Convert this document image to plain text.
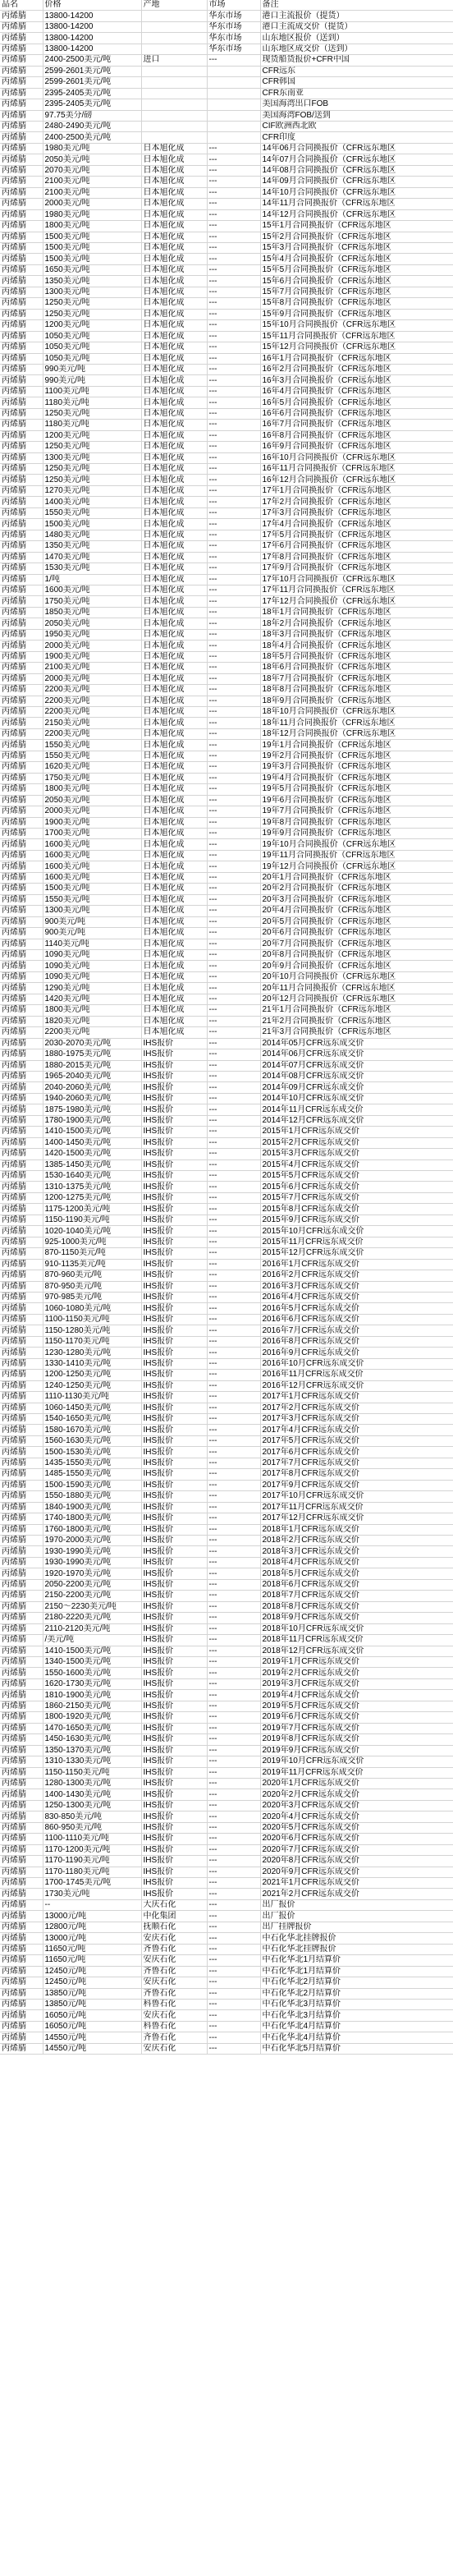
品名	价格	产地	市场	备注
丙烯腈	13800-14200		华东市场	港口主流报价（提货）
丙烯腈	13800-14200		华东市场	港口主流成交价（提货）
丙烯腈	13800-14200		华东市场	山东地区报价（送到）
丙烯腈	13800-14200		华东市场	山东地区成交价（送到）
丙烯腈	2400-2500美元/吨	进口	---	现货船货报价+CFR中国
丙烯腈	2599-2601美元/吨			CFR远东
丙烯腈	2599-2601美元/吨			CFR韩国
丙烯腈	2395-2405美元/吨			CFR东南亚
丙烯腈	2395-2405美元/吨			美国海湾出口FOB
丙烯腈	97.75美分/磅			美国海湾FOB/送到
丙烯腈	2480-2490美元/吨			CIF欧洲西北欧
丙烯腈	2400-2500美元/吨			CFR印度
丙烯腈	1980美元/吨	日本旭化成	---	14年06月合同换报价（CFR远东地区
丙烯腈	2050美元/吨	日本旭化成	---	14年07月合同换报价（CFR远东地区
丙烯腈	2070美元/吨	日本旭化成	---	14年08月合同换报价（CFR远东地区
丙烯腈	2100美元/吨	日本旭化成	---	14年09月合同换报价（CFR远东地区
丙烯腈	2100美元/吨	日本旭化成	---	14年10月合同换报价（CFR远东地区
丙烯腈	2000美元/吨	日本旭化成	---	14年11月合同换报价（CFR远东地区
丙烯腈	1980美元/吨	日本旭化成	---	14年12月合同换报价（CFR远东地区
丙烯腈	1800美元/吨	日本旭化成	---	15年1月合同换报价（CFR远东地区
丙烯腈	1500美元/吨	日本旭化成	---	15年2月合同换报价（CFR远东地区
丙烯腈	1500美元/吨	日本旭化成	---	15年3月合同换报价（CFR远东地区
丙烯腈	1500美元/吨	日本旭化成	---	15年4月合同换报价（CFR远东地区
丙烯腈	1650美元/吨	日本旭化成	---	15年5月合同换报价（CFR远东地区
丙烯腈	1350美元/吨	日本旭化成	---	15年6月合同换报价（CFR远东地区
丙烯腈	1300美元/吨	日本旭化成	---	15年7月合同换报价（CFR远东地区
丙烯腈	1250美元/吨	日本旭化成	---	15年8月合同换报价（CFR远东地区
丙烯腈	1250美元/吨	日本旭化成	---	15年9月合同换报价（CFR远东地区
丙烯腈	1200美元/吨	日本旭化成	---	15年10月合同换报价（CFR远东地区
丙烯腈	1050美元/吨	日本旭化成	---	15年11月合同换报价（CFR远东地区
丙烯腈	1050美元/吨	日本旭化成	---	15年12月合同换报价（CFR远东地区
丙烯腈	1050美元/吨	日本旭化成	---	16年1月合同换报价（CFR远东地区
丙烯腈	990美元/吨	日本旭化成	---	16年2月合同换报价（CFR远东地区
丙烯腈	990美元/吨	日本旭化成	---	16年3月合同换报价（CFR远东地区
丙烯腈	1100美元/吨	日本旭化成	---	16年4月合同换报价（CFR远东地区
丙烯腈	1180美元/吨	日本旭化成	---	16年5月合同换报价（CFR远东地区
丙烯腈	1250美元/吨	日本旭化成	---	16年6月合同换报价（CFR远东地区
丙烯腈	1180美元/吨	日本旭化成	---	16年7月合同换报价（CFR远东地区
丙烯腈	1200美元/吨	日本旭化成	---	16年8月合同换报价（CFR远东地区
丙烯腈	1250美元/吨	日本旭化成	---	16年9月合同换报价（CFR远东地区
丙烯腈	1300美元/吨	日本旭化成	---	16年10月合同换报价（CFR远东地区
丙烯腈	1250美元/吨	日本旭化成	---	16年11月合同换报价（CFR远东地区
丙烯腈	1250美元/吨	日本旭化成	---	16年12月合同换报价（CFR远东地区
丙烯腈	1270美元/吨	日本旭化成	---	17年1月合同换报价（CFR远东地区
丙烯腈	1400美元/吨	日本旭化成	---	17年2月合同换报价（CFR远东地区
丙烯腈	1550美元/吨	日本旭化成	---	17年3月合同换报价（CFR远东地区
丙烯腈	1500美元/吨	日本旭化成	---	17年4月合同换报价（CFR远东地区
丙烯腈	1480美元/吨	日本旭化成	---	17年5月合同换报价（CFR远东地区
丙烯腈	1350美元/吨	日本旭化成	---	17年6月合同换报价（CFR远东地区
丙烯腈	1470美元/吨	日本旭化成	---	17年8月合同换报价（CFR远东地区
丙烯腈	1530美元/吨	日本旭化成	---	17年9月合同换报价（CFR远东地区
丙烯腈	1/吨	日本旭化成	---	17年10月合同换报价（CFR远东地区
丙烯腈	1600美元/吨	日本旭化成	---	17年11月合同换报价（CFR远东地区
丙烯腈	1750美元/吨	日本旭化成	---	17年12月合同换报价（CFR远东地区
丙烯腈	1850美元/吨	日本旭化成	---	18年1月合同换报价（CFR远东地区
丙烯腈	2050美元/吨	日本旭化成	---	18年2月合同换报价（CFR远东地区
丙烯腈	1950美元/吨	日本旭化成	---	18年3月合同换报价（CFR远东地区
丙烯腈	2000美元/吨	日本旭化成	---	18年4月合同换报价（CFR远东地区
丙烯腈	1900美元/吨	日本旭化成	---	18年5月合同换报价（CFR远东地区
丙烯腈	2100美元/吨	日本旭化成	---	18年6月合同换报价（CFR远东地区
丙烯腈	2000美元/吨	日本旭化成	---	18年7月合同换报价（CFR远东地区
丙烯腈	2200美元/吨	日本旭化成	---	18年8月合同换报价（CFR远东地区
丙烯腈	2200美元/吨	日本旭化成	---	18年9月合同换报价（CFR远东地区
丙烯腈	2200美元/吨	日本旭化成	---	18年10月合同换报价（CFR远东地区
丙烯腈	2150美元/吨	日本旭化成	---	18年11月合同换报价（CFR远东地区
丙烯腈	2200美元/吨	日本旭化成	---	18年12月合同换报价（CFR远东地区
丙烯腈	1550美元/吨	日本旭化成	---	19年1月合同换报价（CFR远东地区
丙烯腈	1550美元/吨	日本旭化成	---	19年2月合同换报价（CFR远东地区
丙烯腈	1620美元/吨	日本旭化成	---	19年3月合同换报价（CFR远东地区
丙烯腈	1750美元/吨	日本旭化成	---	19年4月合同换报价（CFR远东地区
丙烯腈	1800美元/吨	日本旭化成	---	19年5月合同换报价（CFR远东地区
丙烯腈	2050美元/吨	日本旭化成	---	19年6月合同换报价（CFR远东地区
丙烯腈	2000美元/吨	日本旭化成	---	19年7月合同换报价（CFR远东地区
丙烯腈	1900美元/吨	日本旭化成	---	19年8月合同换报价（CFR远东地区
丙烯腈	1700美元/吨	日本旭化成	---	19年9月合同换报价（CFR远东地区
丙烯腈	1600美元/吨	日本旭化成	---	19年10月合同换报价（CFR远东地区
丙烯腈	1600美元/吨	日本旭化成	---	19年11月合同换报价（CFR远东地区
丙烯腈	1600美元/吨	日本旭化成	---	19年12月合同换报价（CFR远东地区
丙烯腈	1600美元/吨	日本旭化成	---	20年1月合同换报价（CFR远东地区
丙烯腈	1500美元/吨	日本旭化成	---	20年2月合同换报价（CFR远东地区
丙烯腈	1550美元/吨	日本旭化成	---	20年3月合同换报价（CFR远东地区
丙烯腈	1300美元/吨	日本旭化成	---	20年4月合同换报价（CFR远东地区
丙烯腈	900美元/吨	日本旭化成	---	20年5月合同换报价（CFR远东地区
丙烯腈	900美元/吨	日本旭化成	---	20年6月合同换报价（CFR远东地区
丙烯腈	1140美元/吨	日本旭化成	---	20年7月合同换报价（CFR远东地区
丙烯腈	1090美元/吨	日本旭化成	---	20年8月合同换报价（CFR远东地区
丙烯腈	1090美元/吨	日本旭化成	---	20年9月合同换报价（CFR远东地区
丙烯腈	1090美元/吨	日本旭化成	---	20年10月合同换报价（CFR远东地区
丙烯腈	1290美元/吨	日本旭化成	---	20年11月合同换报价（CFR远东地区
丙烯腈	1420美元/吨	日本旭化成	---	20年12月合同换报价（CFR远东地区
丙烯腈	1800美元/吨	日本旭化成	---	21年1月合同换报价（CFR远东地区
丙烯腈	1820美元/吨	日本旭化成	---	21年2月合同换报价（CFR远东地区
丙烯腈	2200美元/吨	日本旭化成	---	21年3月合同换报价（CFR远东地区
丙烯腈	2030-2070美元/吨	IHS报价	---	2014年05月CFR远东成交价
丙烯腈	1880-1975美元/吨	IHS报价	---	2014年06月CFR远东成交价
丙烯腈	1880-2015美元/吨	IHS报价	---	2014年07月CFR远东成交价
丙烯腈	1965-2040美元/吨	IHS报价	---	2014年08月CFR远东成交价
丙烯腈	2040-2060美元/吨	IHS报价	---	2014年09月CFR远东成交价
丙烯腈	1940-2060美元/吨	IHS报价	---	2014年10月CFR远东成交价
丙烯腈	1875-1980美元/吨	IHS报价	---	2014年11月CFR远东成交价
丙烯腈	1780-1900美元/吨	IHS报价	---	2014年12月CFR远东成交价
丙烯腈	1410-1500美元/吨	IHS报价	---	2015年1月CFR远东成交价
丙烯腈	1400-1450美元/吨	IHS报价	---	2015年2月CFR远东成交价
丙烯腈	1420-1500美元/吨	IHS报价	---	2015年3月CFR远东成交价
丙烯腈	1385-1450美元/吨	IHS报价	---	2015年4月CFR远东成交价
丙烯腈	1530-1640美元/吨	IHS报价	---	2015年5月CFR远东成交价
丙烯腈	1310-1375美元/吨	IHS报价	---	2015年6月CFR远东成交价
丙烯腈	1200-1275美元/吨	IHS报价	---	2015年7月CFR远东成交价
丙烯腈	1175-1200美元/吨	IHS报价	---	2015年8月CFR远东成交价
丙烯腈	1150-1190美元/吨	IHS报价	---	2015年9月CFR远东成交价
丙烯腈	1020-1040美元/吨	IHS报价	---	2015年10月CFR远东成交价
丙烯腈	925-1000美元/吨	IHS报价	---	2015年11月CFR远东成交价
丙烯腈	870-1150美元/吨	IHS报价	---	2015年12月CFR远东成交价
丙烯腈	910-1135美元/吨	IHS报价	---	2016年1月CFR远东成交价
丙烯腈	870-960美元/吨	IHS报价	---	2016年2月CFR远东成交价
丙烯腈	870-950美元/吨	IHS报价	---	2016年3月CFR远东成交价
丙烯腈	970-985美元/吨	IHS报价	---	2016年4月CFR远东成交价
丙烯腈	1060-1080美元/吨	IHS报价	---	2016年5月CFR远东成交价
丙烯腈	1100-1150美元/吨	IHS报价	---	2016年6月CFR远东成交价
丙烯腈	1150-1280美元/吨	IHS报价	---	2016年7月CFR远东成交价
丙烯腈	1150-1170美元/吨	IHS报价	---	2016年8月CFR远东成交价
丙烯腈	1230-1280美元/吨	IHS报价	---	2016年9月CFR远东成交价
丙烯腈	1330-1410美元/吨	IHS报价	---	2016年10月CFR远东成交价
丙烯腈	1200-1250美元/吨	IHS报价	---	2016年11月CFR远东成交价
丙烯腈	1240-1250美元/吨	IHS报价	---	2016年12月CFR远东成交价
丙烯腈	1110-1130美元/吨	IHS报价	---	2017年1月CFR远东成交价
丙烯腈	1060-1450美元/吨	IHS报价	---	2017年2月CFR远东成交价
丙烯腈	1540-1650美元/吨	IHS报价	---	2017年3月CFR远东成交价
丙烯腈	1580-1670美元/吨	IHS报价	---	2017年4月CFR远东成交价
丙烯腈	1560-1630美元/吨	IHS报价	---	2017年5月CFR远东成交价
丙烯腈	1500-1530美元/吨	IHS报价	---	2017年6月CFR远东成交价
丙烯腈	1435-1550美元/吨	IHS报价	---	2017年7月CFR远东成交价
丙烯腈	1485-1550美元/吨	IHS报价	---	2017年8月CFR远东成交价
丙烯腈	1500-1590美元/吨	IHS报价	---	2017年9月CFR远东成交价
丙烯腈	1550-1880美元/吨	IHS报价	---	2017年10月CFR远东成交价
丙烯腈	1840-1900美元/吨	IHS报价	---	2017年11月CFR远东成交价
丙烯腈	1740-1800美元/吨	IHS报价	---	2017年12月CFR远东成交价
丙烯腈	1760-1800美元/吨	IHS报价	---	2018年1月CFR远东成交价
丙烯腈	1970-2000美元/吨	IHS报价	---	2018年2月CFR远东成交价
丙烯腈	1930-1990美元/吨	IHS报价	---	2018年3月CFR远东成交价
丙烯腈	1930-1990美元/吨	IHS报价	---	2018年4月CFR远东成交价
丙烯腈	1920-1970美元/吨	IHS报价	---	2018年5月CFR远东成交价
丙烯腈	2050-2200美元/吨	IHS报价	---	2018年6月CFR远东成交价
丙烯腈	2150-2200美元/吨	IHS报价	---	2018年7月CFR远东成交价
丙烯腈	2150～2230美元/吨	IHS报价	---	2018年8月CFR远东成交价
丙烯腈	2180-2220美元/吨	IHS报价	---	2018年9月CFR远东成交价
丙烯腈	2110-2120美元/吨	IHS报价	---	2018年10月CFR远东成交价
丙烯腈	/美元/吨	IHS报价	---	2018年11月CFR远东成交价
丙烯腈	1410-1500美元/吨	IHS报价	---	2018年12月CFR远东成交价
丙烯腈	1340-1500美元/吨	IHS报价	---	2019年1月CFR远东成交价
丙烯腈	1550-1600美元/吨	IHS报价	---	2019年2月CFR远东成交价
丙烯腈	1620-1730美元/吨	IHS报价	---	2019年3月CFR远东成交价
丙烯腈	1810-1900美元/吨	IHS报价	---	2019年4月CFR远东成交价
丙烯腈	1860-2150美元/吨	IHS报价	---	2019年5月CFR远东成交价
丙烯腈	1800-1920美元/吨	IHS报价	---	2019年6月CFR远东成交价
丙烯腈	1470-1650美元/吨	IHS报价	---	2019年7月CFR远东成交价
丙烯腈	1450-1630美元/吨	IHS报价	---	2019年8月CFR远东成交价
丙烯腈	1350-1370美元/吨	IHS报价	---	2019年9月CFR远东成交价
丙烯腈	1310-1330美元/吨	IHS报价	---	2019年10月CFR远东成交价
丙烯腈	1150-1150美元/吨	IHS报价	---	2019年11月CFR远东成交价
丙烯腈	1280-1300美元/吨	IHS报价	---	2020年1月CFR远东成交价
丙烯腈	1400-1430美元/吨	IHS报价	---	2020年2月CFR远东成交价
丙烯腈	1250-1300美元/吨	IHS报价	---	2020年3月CFR远东成交价
丙烯腈	830-850美元/吨	IHS报价	---	2020年4月CFR远东成交价
丙烯腈	860-950美元/吨	IHS报价	---	2020年5月CFR远东成交价
丙烯腈	1100-1110美元/吨	IHS报价	---	2020年6月CFR远东成交价
丙烯腈	1170-1200美元/吨	IHS报价	---	2020年7月CFR远东成交价
丙烯腈	1170-1190美元/吨	IHS报价	---	2020年8月CFR远东成交价
丙烯腈	1170-1180美元/吨	IHS报价	---	2020年9月CFR远东成交价
丙烯腈	1700-1745美元/吨	IHS报价	---	2021年1月CFR远东成交价
丙烯腈	1730美元/吨	IHS报价	---	2021年2月CFR远东成交价
丙烯腈	--	大庆石化	---	出厂报价
丙烯腈	13000元/吨	中化集团	---	出厂报价
丙烯腈	12800元/吨	抚顺石化	---	出厂挂牌报价
丙烯腈	13000元/吨	安庆石化	---	中石化华北挂牌报价
丙烯腈	11650元/吨	齐鲁石化	---	中石化华北挂牌报价
丙烯腈	11650元/吨	安庆石化	---	中石化华北1月结算价
丙烯腈	12450元/吨	齐鲁石化	---	中石化华北1月结算价
丙烯腈	12450元/吨	安庆石化	---	中石化华北2月结算价
丙烯腈	13850元/吨	齐鲁石化	---	中石化华北2月结算价
丙烯腈	13850元/吨	科鲁石化	---	中石化华北3月结算价
丙烯腈	16050元/吨	安庆石化	---	中石化华北3月结算价
丙烯腈	16050元/吨	科鲁石化	---	中石化华北4月结算价
丙烯腈	14550元/吨	齐鲁石化	---	中石化华北4月结算价
丙烯腈	14550元/吨	安庆石化	---	中石化华北5月结算价
